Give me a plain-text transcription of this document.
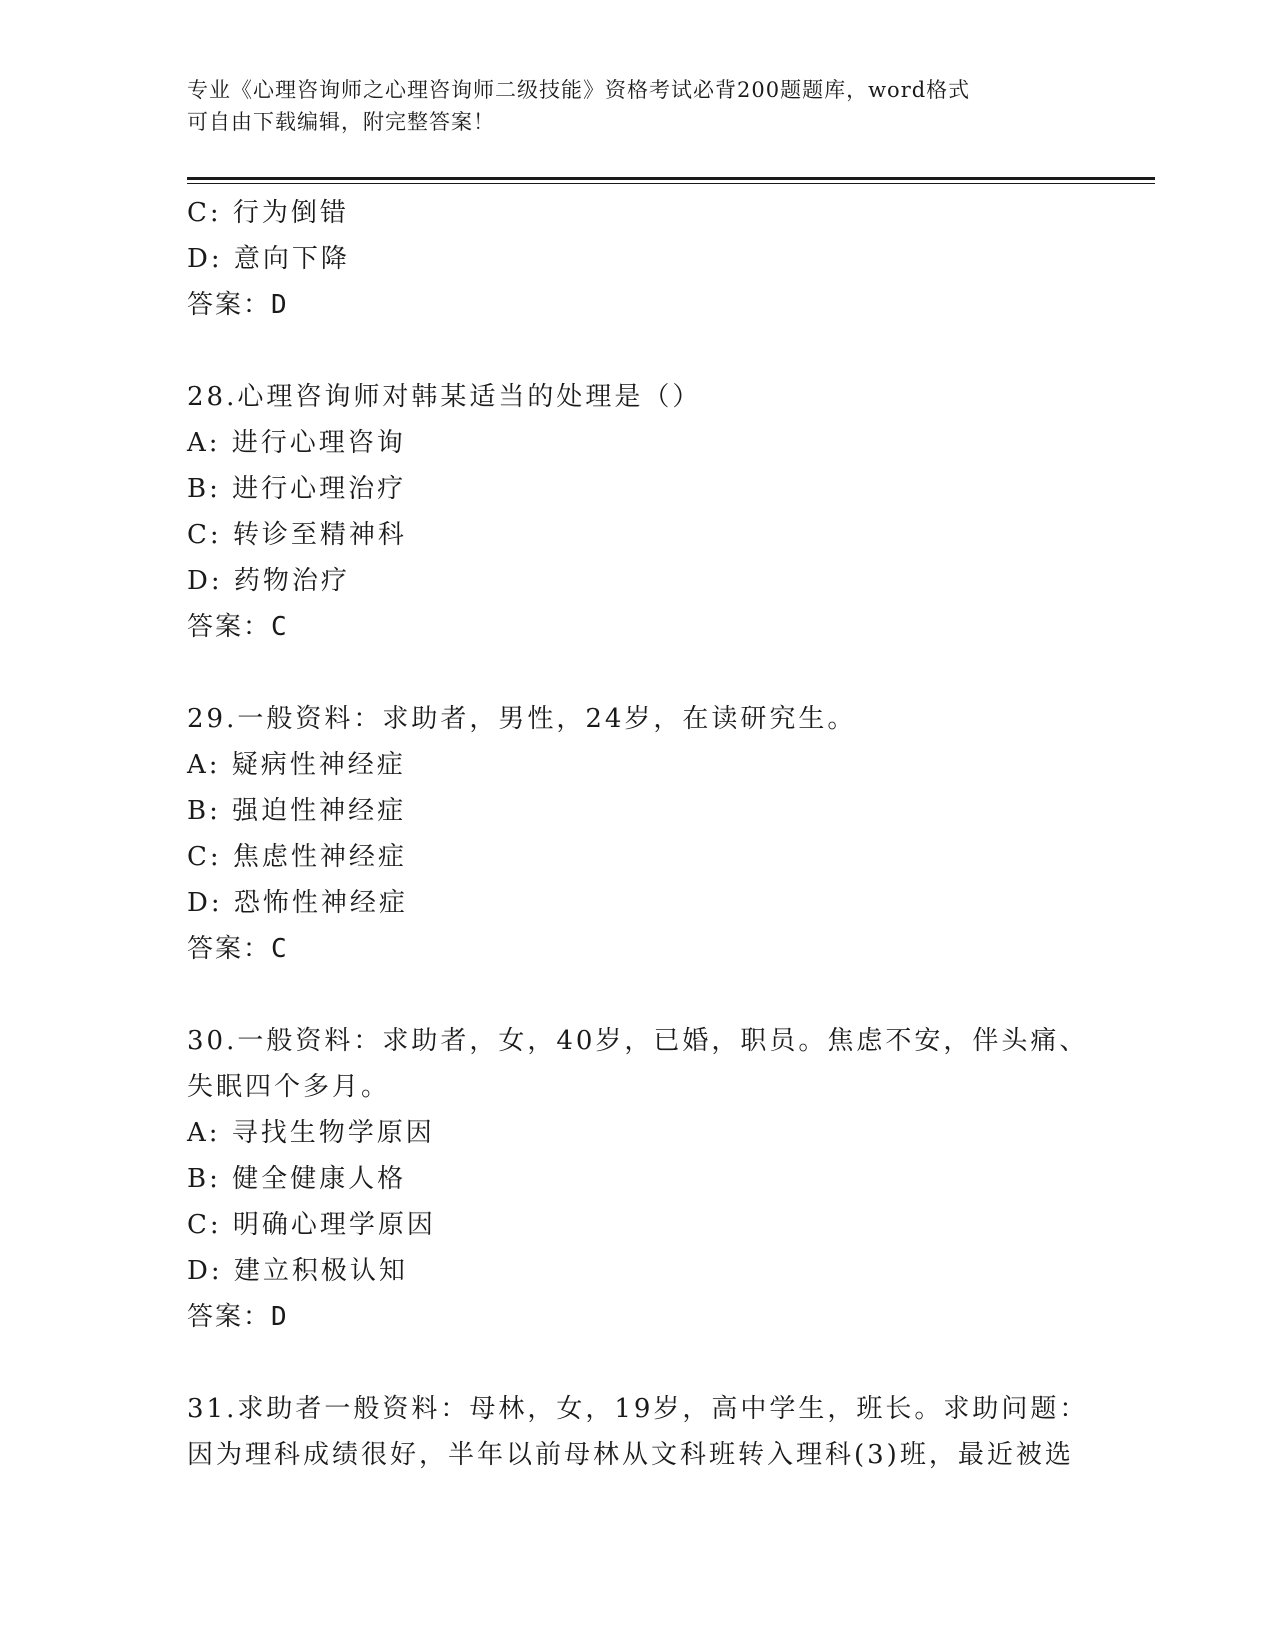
专业《心理咨询师之心理咨询师二级技能》资格考试必背200题题库，word格式
可自由下载编辑，附完整答案！
C: 行为倒错
D: 意向下降
答案：D
28.心理咨询师对韩某适当的处理是（）
A: 进行心理咨询
B: 进行心理治疗
C: 转诊至精神科
D: 药物治疗
答案：C
29.一般资料：求助者，男性，24岁，在读研究生。
A: 疑病性神经症
B: 强迫性神经症
C: 焦虑性神经症
D: 恐怖性神经症
答案：C
30.一般资料：求助者，女，40岁，已婚，职员。焦虑不安，伴头痛、
失眠四个多月。
A: 寻找生物学原因
B: 健全健康人格
C: 明确心理学原因
D: 建立积极认知
答案：D
31.求助者一般资料：母林，女，19岁，高中学生，班长。求助问题：
因为理科成绩很好，半年以前母林从文科班转入理科(3)班，最近被选
